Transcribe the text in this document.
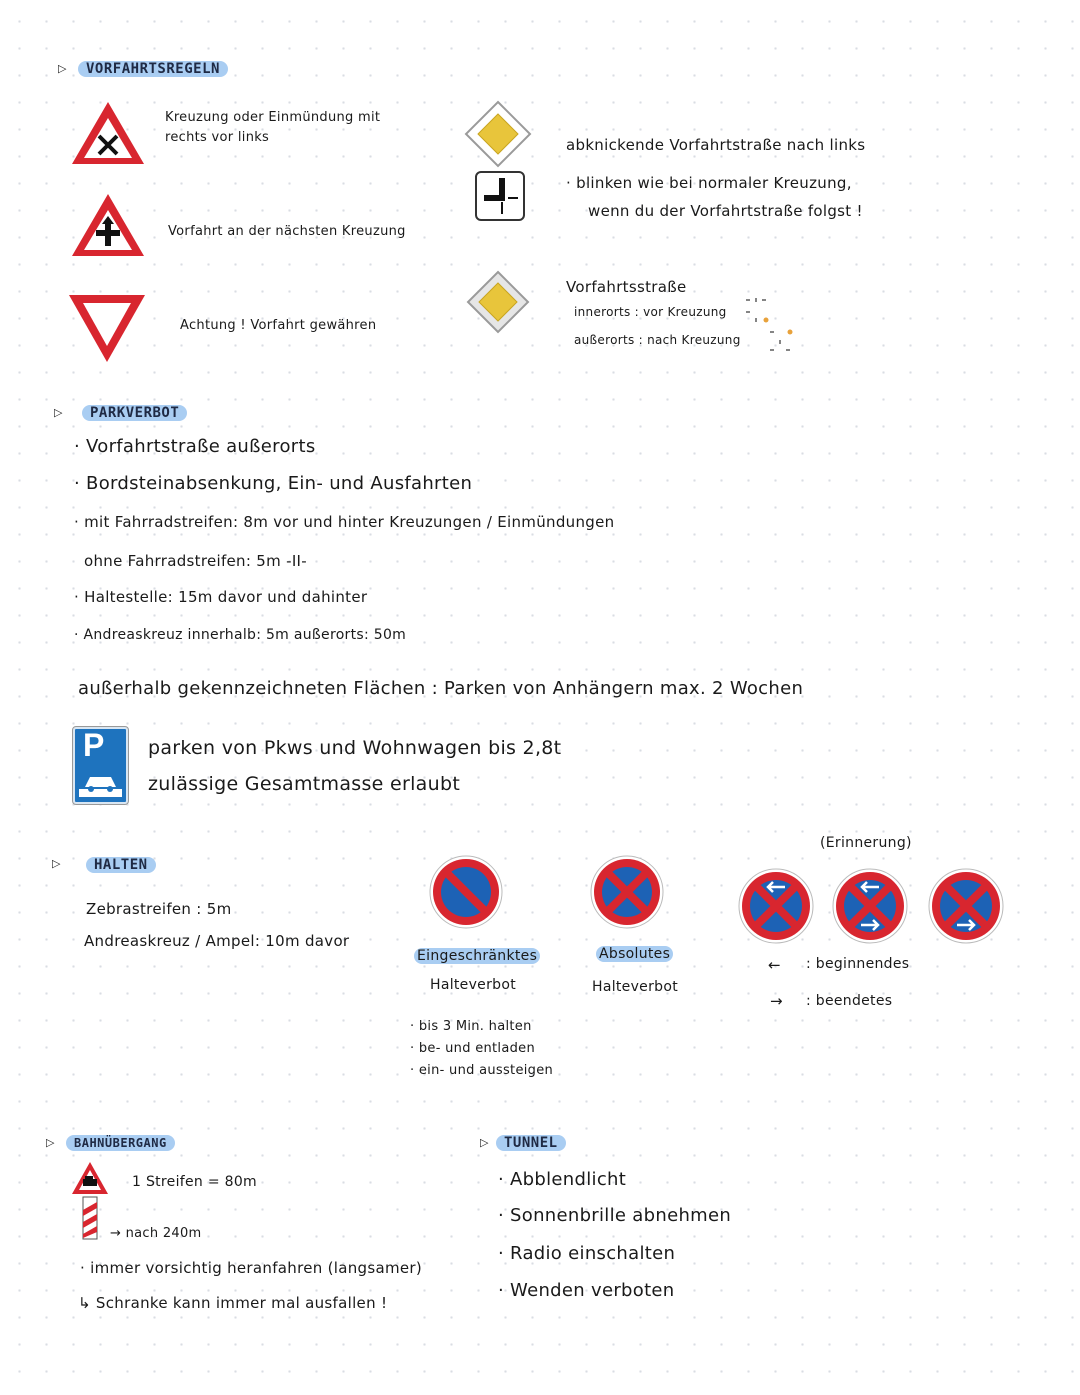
▷	VORFAHRTSREGELN
Kreuzung oder Einmündung mit
rechts vor links
Vorfahrt an der nächsten Kreuzung
Achtung ! Vorfahrt gewähren
abknickende Vorfahrtstraße nach links
· blinken wie bei normaler Kreuzung,
wenn du der Vorfahrtstraße folgst !
Vorfahrtsstraße
innerorts : vor Kreuzung
außerorts : nach Kreuzung
▷	PARKVERBOT
· Vorfahrtstraße außerorts
· Bordsteinabsenkung, Ein- und Ausfahrten
· mit Fahrradstreifen: 8m vor und hinter Kreuzungen / Einmündungen
ohne Fahrradstreifen: 5m -II-
· Haltestelle: 15m davor und dahinter
· Andreaskreuz innerhalb: 5m außerorts: 50m
außerhalb gekennzeichneten Flächen : Parken von Anhängern max. 2 Wochen
P parken von Pkws und Wohnwagen bis 2,8t
zulässige Gesamtmasse erlaubt
▷	HALTEN
Zebrastreifen : 5m
Andreaskreuz / Ampel: 10m davor
Eingeschränktes
Halteverbot
Absolutes
Halteverbot
(Erinnerung)
← : beginnendes
→ : beendetes
· bis 3 Min. halten
· be- und entladen
· ein- und aussteigen
▷	BAHNÜBERGANG
1 Streifen = 80m
→ nach 240m
· immer vorsichtig heranfahren (langsamer)
↳ Schranke kann immer mal ausfallen !
▷	TUNNEL
· Abblendlicht
· Sonnenbrille abnehmen
· Radio einschalten
· Wenden verboten
